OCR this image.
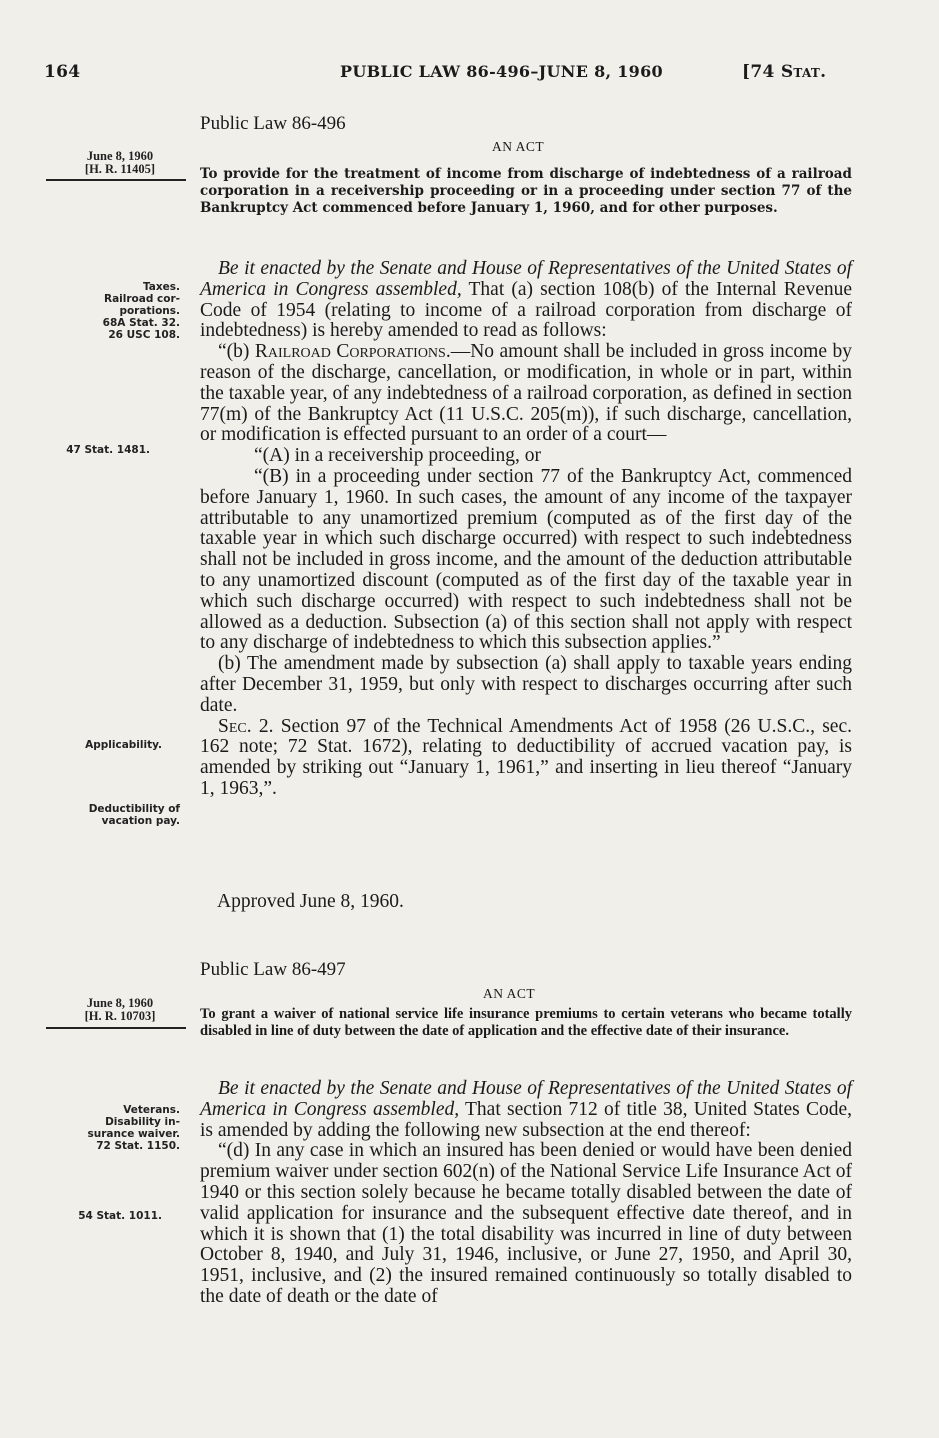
164	PUBLIC LAW 86-496–JUNE 8, 1960	[74 Stat.
Public Law 86-496
AN ACT
June 8, 1960
[H. R. 11405]	To provide for the treatment of income from discharge of indebtedness of a railroad corporation in a receivership proceeding or in a proceeding under section 77 of the Bankruptcy Act commenced before January 1, 1960, and for other purposes.
Taxes.
Railroad cor-
porations.
68A Stat. 32.
26 USC 108.
47 Stat. 1481.
Applicability.
Deductibility of
vacation pay.

Be it enacted by the Senate and House of Representatives of the United States of America in Congress assembled, That (a) section 108(b) of the Internal Revenue Code of 1954 (relating to income of a railroad corporation from discharge of indebtedness) is hereby amended to read as follows:

“(b) Railroad Corporations.—No amount shall be included in gross income by reason of the discharge, cancellation, or modification, in whole or in part, within the taxable year, of any indebtedness of a railroad corporation, as defined in section 77(m) of the Bankruptcy Act (11 U.S.C. 205(m)), if such discharge, cancellation, or modification is effected pursuant to an order of a court—

“(A) in a receivership proceeding, or

“(B) in a proceeding under section 77 of the Bankruptcy Act, commenced before January 1, 1960. In such cases, the amount of any income of the taxpayer attributable to any unamortized premium (computed as of the first day of the taxable year in which such discharge occurred) with respect to such indebtedness shall not be included in gross income, and the amount of the deduction attributable to any unamortized discount (computed as of the first day of the taxable year in which such discharge occurred) with respect to such indebtedness shall not be allowed as a deduction. Subsection (a) of this section shall not apply with respect to any discharge of indebtedness to which this subsection applies.”

(b) The amendment made by subsection (a) shall apply to taxable years ending after December 31, 1959, but only with respect to discharges occurring after such date.

Sec. 2. Section 97 of the Technical Amendments Act of 1958 (26 U.S.C., sec. 162 note; 72 Stat. 1672), relating to deductibility of accrued vacation pay, is amended by striking out “January 1, 1961,” and inserting in lieu thereof “January 1, 1963,”.

Approved June 8, 1960.
Public Law 86-497
AN ACT
June 8, 1960
[H. R. 10703]	To grant a waiver of national service life insurance premiums to certain veterans who became totally disabled in line of duty between the date of application and the effective date of their insurance.
Veterans.
Disability in-
surance waiver.
72 Stat. 1150.
54 Stat. 1011.

Be it enacted by the Senate and House of Representatives of the United States of America in Congress assembled, That section 712 of title 38, United States Code, is amended by adding the following new subsection at the end thereof:

“(d) In any case in which an insured has been denied or would have been denied premium waiver under section 602(n) of the National Service Life Insurance Act of 1940 or this section solely because he became totally disabled between the date of valid application for insurance and the subsequent effective date thereof, and in which it is shown that (1) the total disability was incurred in line of duty between October 8, 1940, and July 31, 1946, inclusive, or June 27, 1950, and April 30, 1951, inclusive, and (2) the insured remained continuously so totally disabled to the date of death or the date of
